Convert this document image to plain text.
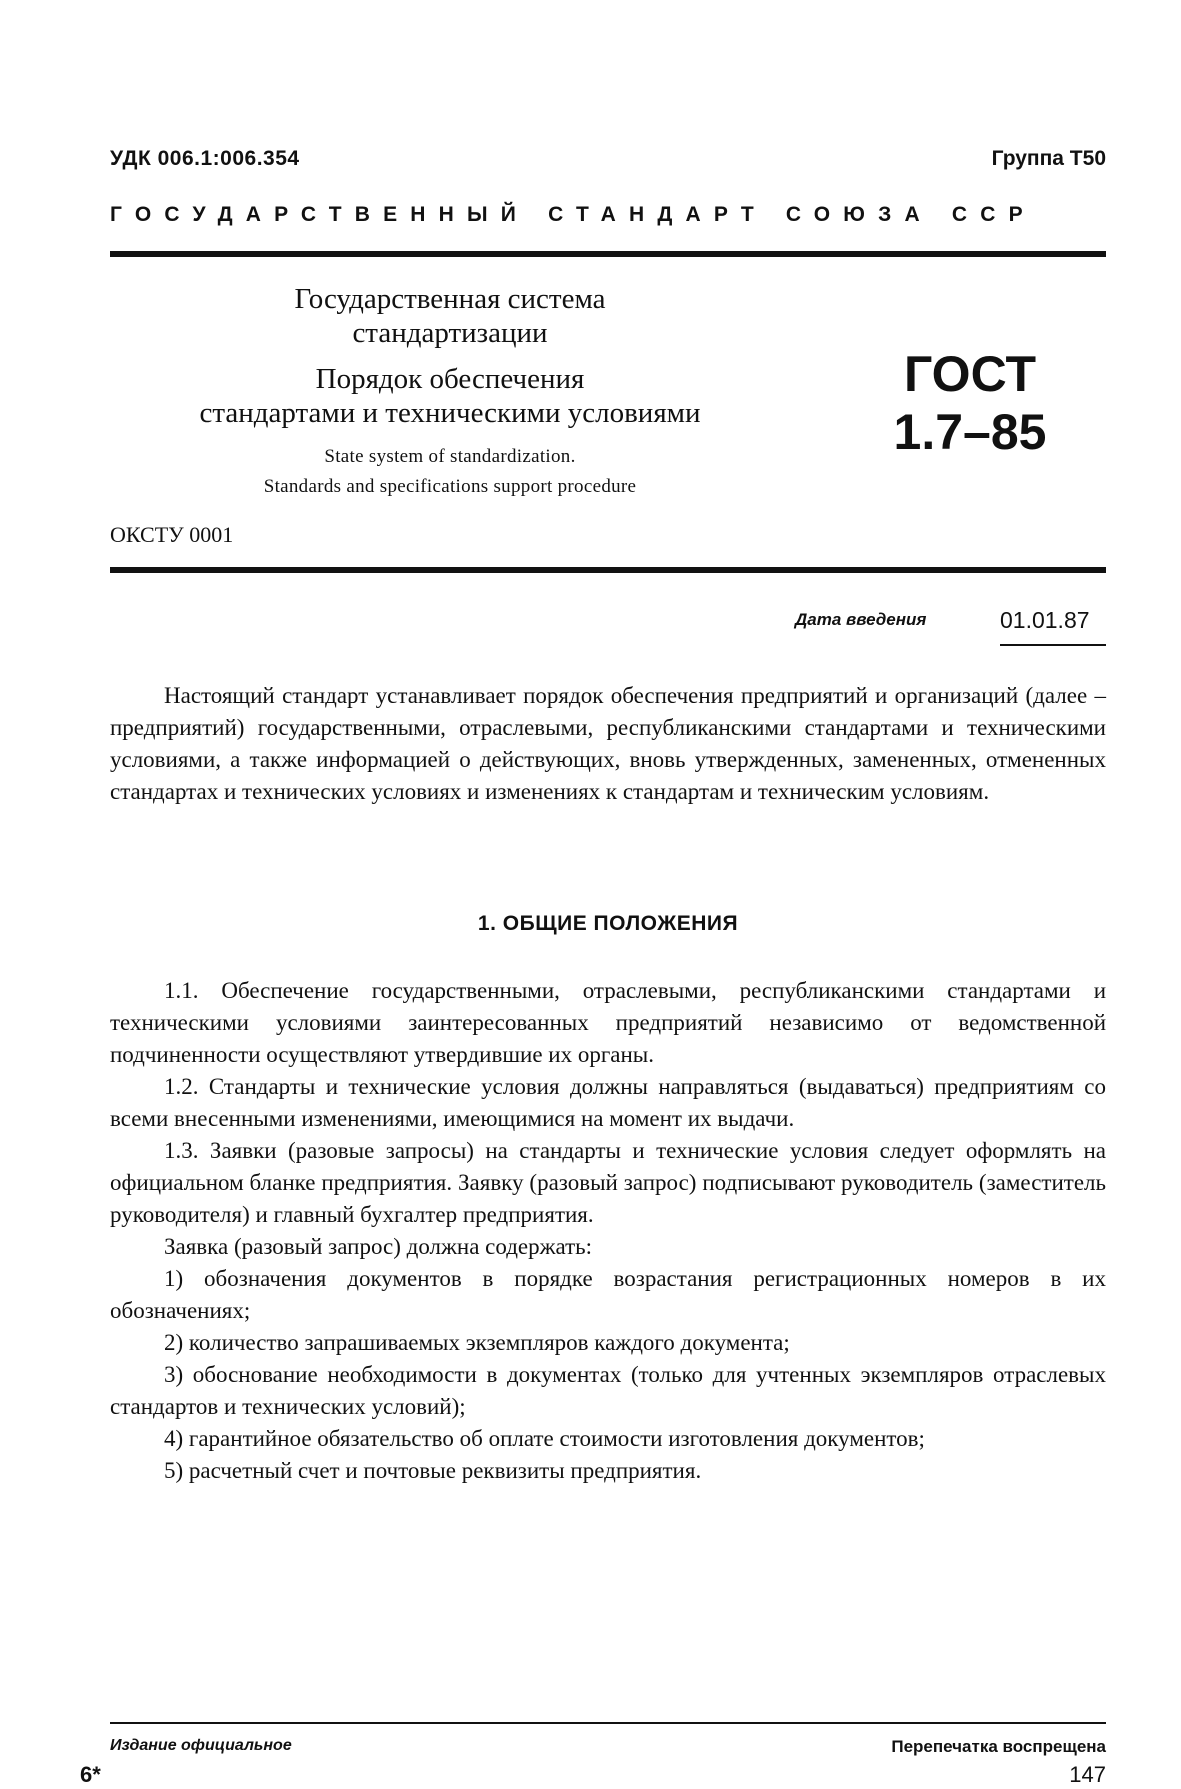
УДК 006.1:006.354	Группа Т50
ГОСУДАРСТВЕННЫЙ СТАНДАРТ СОЮЗА ССР
Государственная система
стандартизации
Порядок обеспечения
стандартами и техническими условиями
State system of standardization.
Standards and specifications support procedure
ГОСТ
1.7–85
ОКСТУ 0001
Дата введения	01.01.87

Настоящий стандарт устанавливает порядок обеспечения предприятий и организаций (далее – предприятий) государственными, отраслевыми, республиканскими стандартами и техническими условиями, а также информацией о действующих, вновь утвержденных, замененных, отмененных стандартах и технических условиях и изменениях к стандартам и техническим условиям.

1. ОБЩИЕ ПОЛОЖЕНИЯ

1.1. Обеспечение государственными, отраслевыми, республиканскими стандартами и техническими условиями заинтересованных предприятий независимо от ведомственной подчиненности осуществляют утвердившие их органы.

1.2. Стандарты и технические условия должны направляться (выдаваться) предприятиям со всеми внесенными изменениями, имеющимися на момент их выдачи.

1.3. Заявки (разовые запросы) на стандарты и технические условия следует оформлять на официальном бланке предприятия. Заявку (разовый запрос) подписывают руководитель (заместитель руководителя) и главный бухгалтер предприятия.

Заявка (разовый запрос) должна содержать:

1) обозначения документов в порядке возрастания регистрационных номеров в их обозначениях;

2) количество запрашиваемых экземпляров каждого документа;

3) обоснование необходимости в документах (только для учтенных экземпляров отраслевых стандартов и технических условий);

4) гарантийное обязательство об оплате стоимости изготовления документов;

5) расчетный счет и почтовые реквизиты предприятия.

Издание официальное	Перепечатка воспрещена
6*	147
